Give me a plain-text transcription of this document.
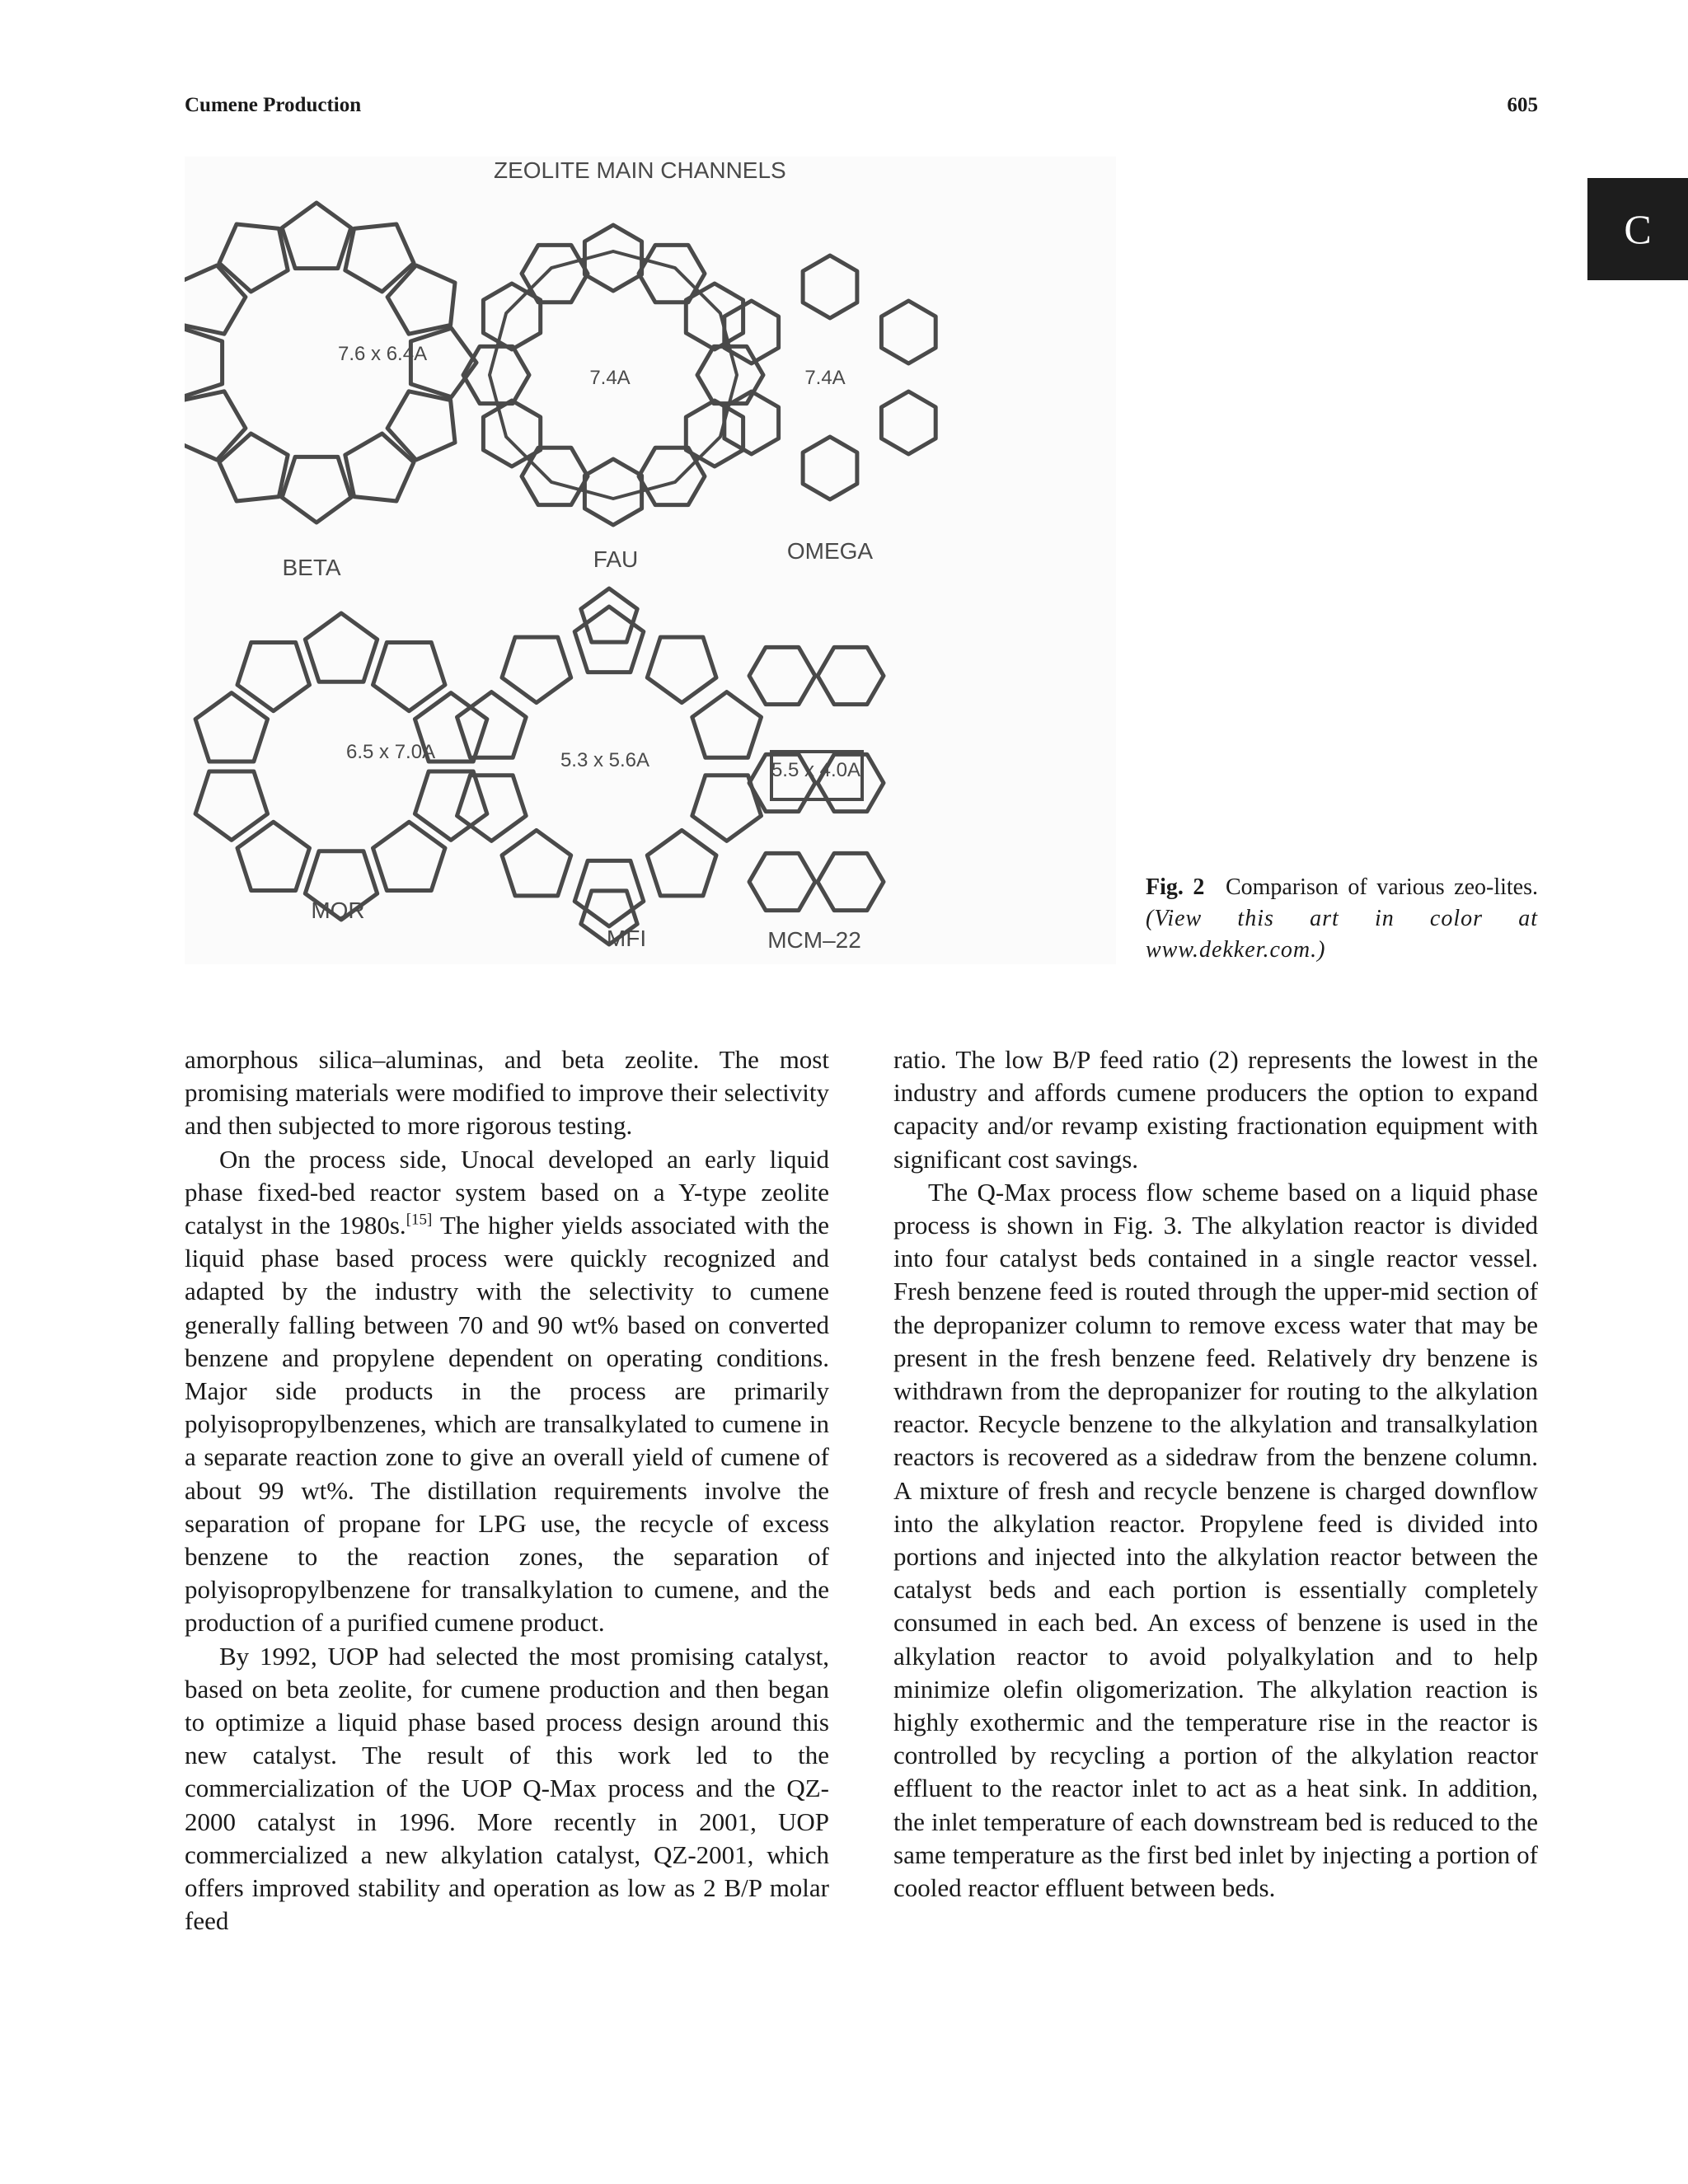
Cumene Production	605
C
ZEOLITE MAIN CHANNELS
7.6 x 6.4A
BETA
7.4A
FAU
7.4A
OMEGA
6.5 x 7.0A
MOR
5.3 x 5.6A
MFI
5.5 x 4.0A
MCM–22
Fig. 2 Comparison of various zeo-lites. (View this art in color at www.dekker.com.)

amorphous silica–aluminas, and beta zeolite. The most promising materials were modified to improve their selectivity and then subjected to more rigorous testing.

On the process side, Unocal developed an early liquid phase fixed-bed reactor system based on a Y-type zeolite catalyst in the 1980s.[15] The higher yields associated with the liquid phase based process were quickly recognized and adapted by the industry with the selectivity to cumene generally falling between 70 and 90 wt% based on converted benzene and propylene dependent on operating conditions. Major side products in the process are primarily polyisopropylbenzenes, which are transalkylated to cumene in a separate reaction zone to give an overall yield of cumene of about 99 wt%. The distillation requirements involve the separation of propane for LPG use, the recycle of excess benzene to the reaction zones, the separation of polyisopropylbenzene for transalkylation to cumene, and the production of a purified cumene product.

By 1992, UOP had selected the most promising catalyst, based on beta zeolite, for cumene production and then began to optimize a liquid phase based process design around this new catalyst. The result of this work led to the commercialization of the UOP Q-Max process and the QZ-2000 catalyst in 1996. More recently in 2001, UOP commercialized a new alkylation catalyst, QZ-2001, which offers improved stability and operation as low as 2 B/P molar feed

ratio. The low B/P feed ratio (2) represents the lowest in the industry and affords cumene producers the option to expand capacity and/or revamp existing fractionation equipment with significant cost savings.

The Q-Max process flow scheme based on a liquid phase process is shown in Fig. 3. The alkylation reactor is divided into four catalyst beds contained in a single reactor vessel. Fresh benzene feed is routed through the upper-mid section of the depropanizer column to remove excess water that may be present in the fresh benzene feed. Relatively dry benzene is withdrawn from the depropanizer for routing to the alkylation reactor. Recycle benzene to the alkylation and transalkylation reactors is recovered as a sidedraw from the benzene column. A mixture of fresh and recycle benzene is charged downflow into the alkylation reactor. Propylene feed is divided into portions and injected into the alkylation reactor between the catalyst beds and each portion is essentially completely consumed in each bed. An excess of benzene is used in the alkylation reactor to avoid polyalkylation and to help minimize olefin oligomerization. The alkylation reaction is highly exothermic and the temperature rise in the reactor is controlled by recycling a portion of the alkylation reactor effluent to the reactor inlet to act as a heat sink. In addition, the inlet temperature of each downstream bed is reduced to the same temperature as the first bed inlet by injecting a portion of cooled reactor effluent between beds.
